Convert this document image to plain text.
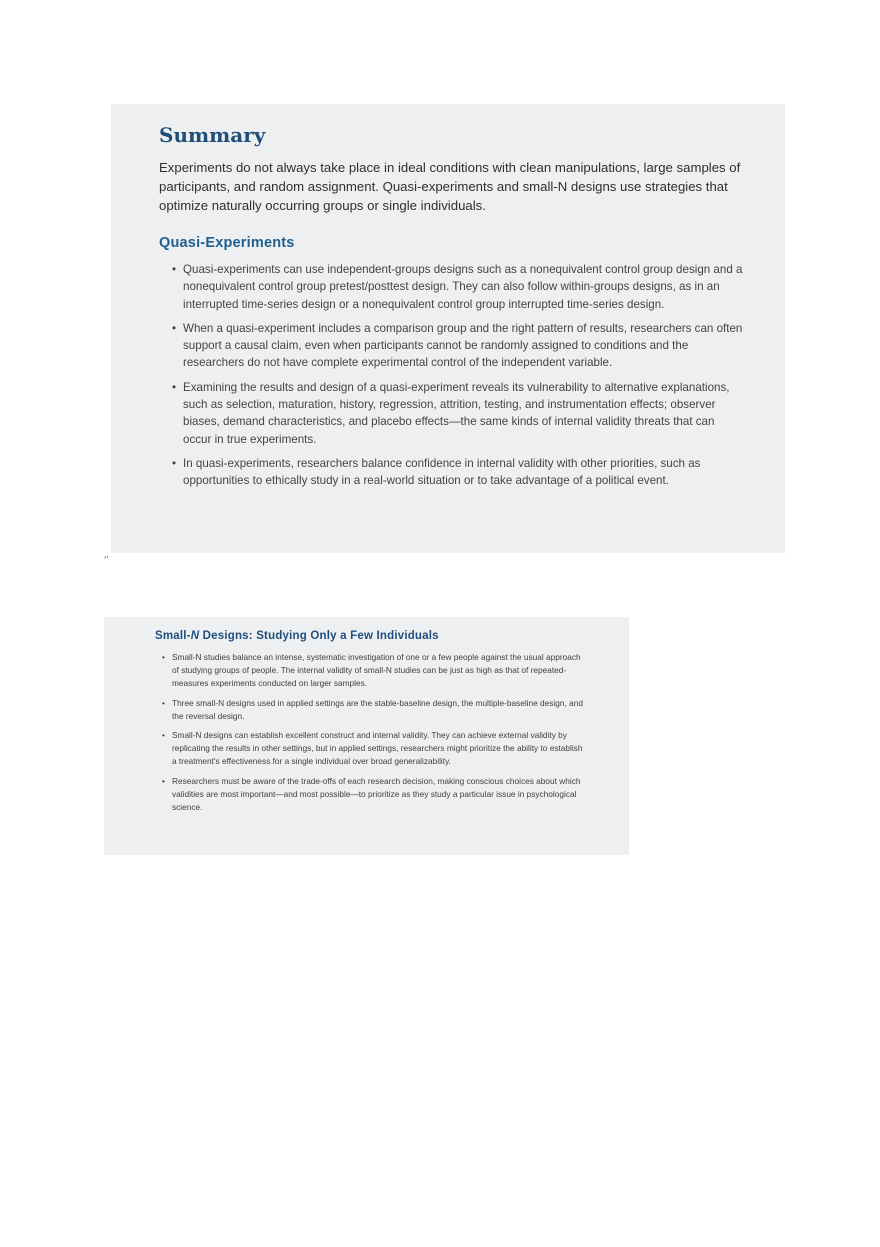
Summary

Experiments do not always take place in ideal conditions with clean manipulations, large samples of participants, and random assignment. Quasi-experiments and small-N designs use strategies that optimize naturally occurring groups or single individuals.

Quasi-Experiments
• Quasi-experiments can use independent-groups designs such as a nonequivalent control group design and a nonequivalent control group pretest/posttest design. They can also follow within-groups designs, as in an interrupted time-series design or a nonequivalent control group interrupted time-series design.
• When a quasi-experiment includes a comparison group and the right pattern of results, researchers can often support a causal claim, even when participants cannot be randomly assigned to conditions and the researchers do not have complete experimental control of the independent variable.
• Examining the results and design of a quasi-experiment reveals its vulnerability to alternative explanations, such as selection, maturation, history, regression, attrition, testing, and instrumentation effects; observer biases, demand characteristics, and placebo effects—the same kinds of internal validity threats that can occur in true experiments.
• In quasi-experiments, researchers balance confidence in internal validity with other priorities, such as opportunities to ethically study in a real-world situation or to take advantage of a political event.
‘’
Small-N Designs: Studying Only a Few Individuals
• Small-N studies balance an intense, systematic investigation of one or a few people against the usual approach of studying groups of people. The internal validity of small-N studies can be just as high as that of repeated-measures experiments conducted on larger samples.
• Three small-N designs used in applied settings are the stable-baseline design, the multiple-baseline design, and the reversal design.
• Small-N designs can establish excellent construct and internal validity. They can achieve external validity by replicating the results in other settings, but in applied settings, researchers might prioritize the ability to establish a treatment's effectiveness for a single individual over broad generalizability.
• Researchers must be aware of the trade-offs of each research decision, making conscious choices about which validities are most important—and most possible—to prioritize as they study a particular issue in psychological science.
